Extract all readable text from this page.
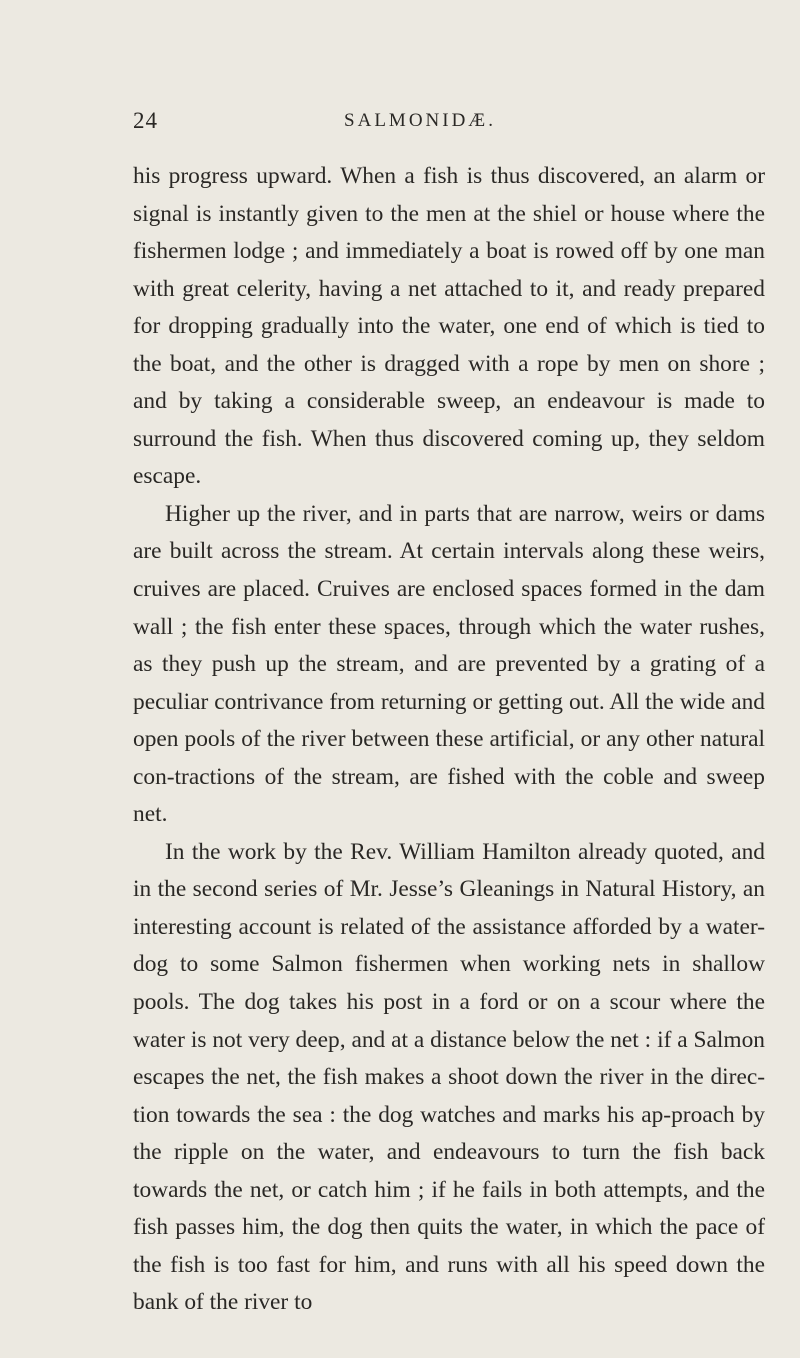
24	SALMONIDÆ.

his progress upward. When a fish is thus discovered, an alarm or signal is instantly given to the men at the shiel or house where the fishermen lodge ; and immediately a boat is rowed off by one man with great celerity, having a net attached to it, and ready prepared for dropping gradually into the water, one end of which is tied to the boat, and the other is dragged with a rope by men on shore ; and by taking a considerable sweep, an endeavour is made to surround the fish. When thus discovered coming up, they seldom escape.

Higher up the river, and in parts that are narrow, weirs or dams are built across the stream. At certain intervals along these weirs, cruives are placed. Cruives are enclosed spaces formed in the dam wall ; the fish enter these spaces, through which the water rushes, as they push up the stream, and are prevented by a grating of a peculiar contrivance from returning or getting out. All the wide and open pools of the river between these artificial, or any other natural con-tractions of the stream, are fished with the coble and sweep net.

In the work by the Rev. William Hamilton already quoted, and in the second series of Mr. Jesse’s Gleanings in Natural History, an interesting account is related of the assistance afforded by a water-dog to some Salmon fishermen when working nets in shallow pools. The dog takes his post in a ford or on a scour where the water is not very deep, and at a distance below the net : if a Salmon escapes the net, the fish makes a shoot down the river in the direc-tion towards the sea : the dog watches and marks his ap-proach by the ripple on the water, and endeavours to turn the fish back towards the net, or catch him ; if he fails in both attempts, and the fish passes him, the dog then quits the water, in which the pace of the fish is too fast for him, and runs with all his speed down the bank of the river to
